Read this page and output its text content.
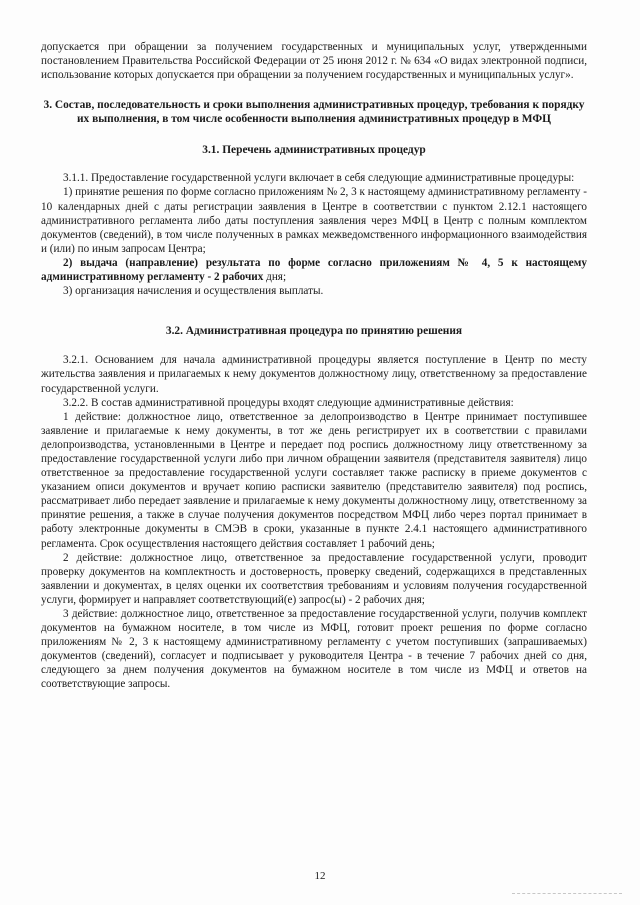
допускается при обращении за получением государственных и муниципальных услуг, утвержденными постановлением Правительства Российской Федерации от 25 июня 2012 г. № 634 «О видах электронной подписи, использование которых допускается при обращении за получением государственных и муниципальных услуг».

3. Состав, последовательность и сроки выполнения административных процедур, требования к порядку их выполнения, в том числе особенности выполнения административных процедур в МФЦ

3.1. Перечень административных процедур

3.1.1. Предоставление государственной услуги включает в себя следующие административные процедуры:

1) принятие решения по форме согласно приложениям № 2, 3 к настоящему административному регламенту - 10 календарных дней с даты регистрации заявления в Центре в соответствии с пунктом 2.12.1 настоящего административного регламента либо даты поступления заявления через МФЦ в Центр с полным комплектом документов (сведений), в том числе полученных в рамках межведомственного информационного взаимодействия и (или) по иным запросам Центра;

2) выдача (направление) результата по форме согласно приложениям № 4, 5 к настоящему административному регламенту - 2 рабочих дня;

3) организация начисления и осуществления выплаты.

3.2. Административная процедура по принятию решения

3.2.1. Основанием для начала административной процедуры является поступление в Центр по месту жительства заявления и прилагаемых к нему документов должностному лицу, ответственному за предоставление государственной услуги.

3.2.2. В состав административной процедуры входят следующие административные действия:

1 действие: должностное лицо, ответственное за делопроизводство в Центре принимает поступившее заявление и прилагаемые к нему документы, в тот же день регистрирует их в соответствии с правилами делопроизводства, установленными в Центре и передает под роспись должностному лицу ответственному за предоставление государственной услуги либо при личном обращении заявителя (представителя заявителя) лицо ответственное за предоставление государственной услуги составляет также расписку в приеме документов с указанием описи документов и вручает копию расписки заявителю (представителю заявителя) под роспись, рассматривает либо передает заявление и прилагаемые к нему документы должностному лицу, ответственному за принятие решения, а также в случае получения документов посредством МФЦ либо через портал принимает в работу электронные документы в СМЭВ в сроки, указанные в пункте 2.4.1 настоящего административного регламента. Срок осуществления настоящего действия составляет 1 рабочий день;

2 действие: должностное лицо, ответственное за предоставление государственной услуги, проводит проверку документов на комплектность и достоверность, проверку сведений, содержащихся в представленных заявлении и документах, в целях оценки их соответствия требованиям и условиям получения государственной услуги, формирует и направляет соответствующий(е) запрос(ы) - 2 рабочих дня;

3 действие: должностное лицо, ответственное за предоставление государственной услуги, получив комплект документов на бумажном носителе, в том числе из МФЦ, готовит проект решения по форме согласно приложениям № 2, 3 к настоящему административному регламенту с учетом поступивших (запрашиваемых) документов (сведений), согласует и подписывает у руководителя Центра - в течение 7 рабочих дней со дня, следующего за днем получения документов на бумажном носителе в том числе из МФЦ и ответов на соответствующие запросы.

12
